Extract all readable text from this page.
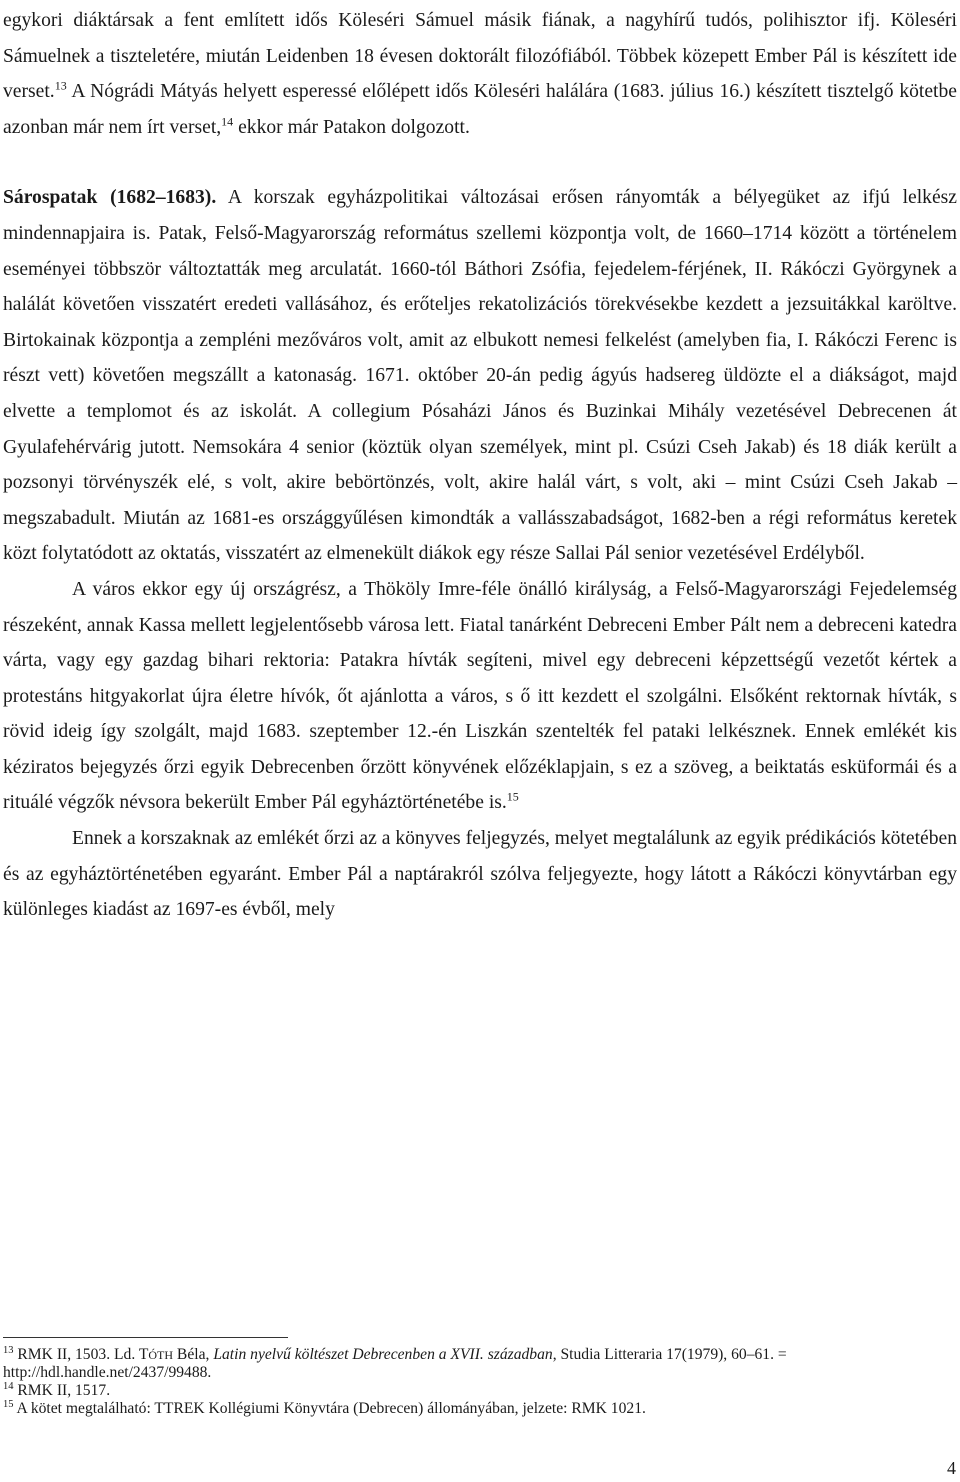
egykori diáktársak a fent említett idős Köleséri Sámuel másik fiának, a nagyhírű tudós, polihisztor ifj. Köleséri Sámuelnek a tiszteletére, miután Leidenben 18 évesen doktorált filozófiából. Többek közepett Ember Pál is készített ide verset.$^{13}$ A Nógrádi Mátyás helyett esperessé előlépett idős Köleséri halálára (1683. július 16.) készített tisztelgő kötetbe azonban már nem írt verset,$^{14}$ ekkor már Patakon dolgozott.

Sárospatak (1682–1683). A korszak egyházpolitikai változásai erősen rányomták a bélyegüket az ifjú lelkész mindennapjaira is. Patak, Felső-Magyarország református szellemi központja volt, de 1660–1714 között a történelem eseményei többször változtatták meg arculatát. 1660-tól Báthori Zsófia, fejedelem-férjének, II. Rákóczi Györgynek a halálát követően visszatért eredeti vallásához, és erőteljes rekatolizációs törekvésekbe kezdett a jezsuitákkal karöltve. Birtokainak központja a zempléni mezőváros volt, amit az elbukott nemesi felkelést (amelyben fia, I. Rákóczi Ferenc is részt vett) követően megszállt a katonaság. 1671. október 20-án pedig ágyús hadsereg üldözte el a diákságot, majd elvette a templomot és az iskolát. A collegium Pósaházi János és Buzinkai Mihály vezetésével Debrecenen át Gyulafehérvárig jutott. Nemsokára 4 senior (köztük olyan személyek, mint pl. Csúzi Cseh Jakab) és 18 diák került a pozsonyi törvényszék elé, s volt, akire bebörtönzés, volt, akire halál várt, s volt, aki – mint Csúzi Cseh Jakab – megszabadult. Miután az 1681-es országgyűlésen kimondták a vallásszabadságot, 1682-ben a régi református keretek közt folytatódott az oktatás, visszatért az elmenekült diákok egy része Sallai Pál senior vezetésével Erdélyből.

A város ekkor egy új országrész, a Thököly Imre-féle önálló királyság, a Felső-Magyarországi Fejedelemség részeként, annak Kassa mellett legjelentősebb városa lett. Fiatal tanárként Debreceni Ember Pált nem a debreceni katedra várta, vagy egy gazdag bihari rektoria: Patakra hívták segíteni, mivel egy debreceni képzettségű vezetőt kértek a protestáns hitgyakorlat újra életre hívók, őt ajánlotta a város, s ő itt kezdett el szolgálni. Elsőként rektornak hívták, s rövid ideig így szolgált, majd 1683. szeptember 12.-én Liszkán szentelték fel pataki lelkésznek. Ennek emlékét kis kéziratos bejegyzés őrzi egyik Debrecenben őrzött könyvének előzéklapjain, s ez a szöveg, a beiktatás esküformái és a rituálé végzők névsora bekerült Ember Pál egyháztörténetébe is.$^{15}$

Ennek a korszaknak az emlékét őrzi az a könyves feljegyzés, melyet megtalálunk az egyik prédikációs kötetében és az egyháztörténetében egyaránt. Ember Pál a naptárakról szólva feljegyezte, hogy látott a Rákóczi könyvtárban egy különleges kiadást az 1697-es évből, mely

$^{13}$ RMK II, 1503. Ld. TÓTH Béla, Latin nyelvű költészet Debrecenben a XVII. században, Studia Litteraria 17(1979), 60–61. = http://hdl.handle.net/2437/99488.

$^{14}$ RMK II, 1517.

$^{15}$ A kötet megtalálható: TTREK Kollégiumi Könyvtára (Debrecen) állományában, jelzete: RMK 1021.

4
